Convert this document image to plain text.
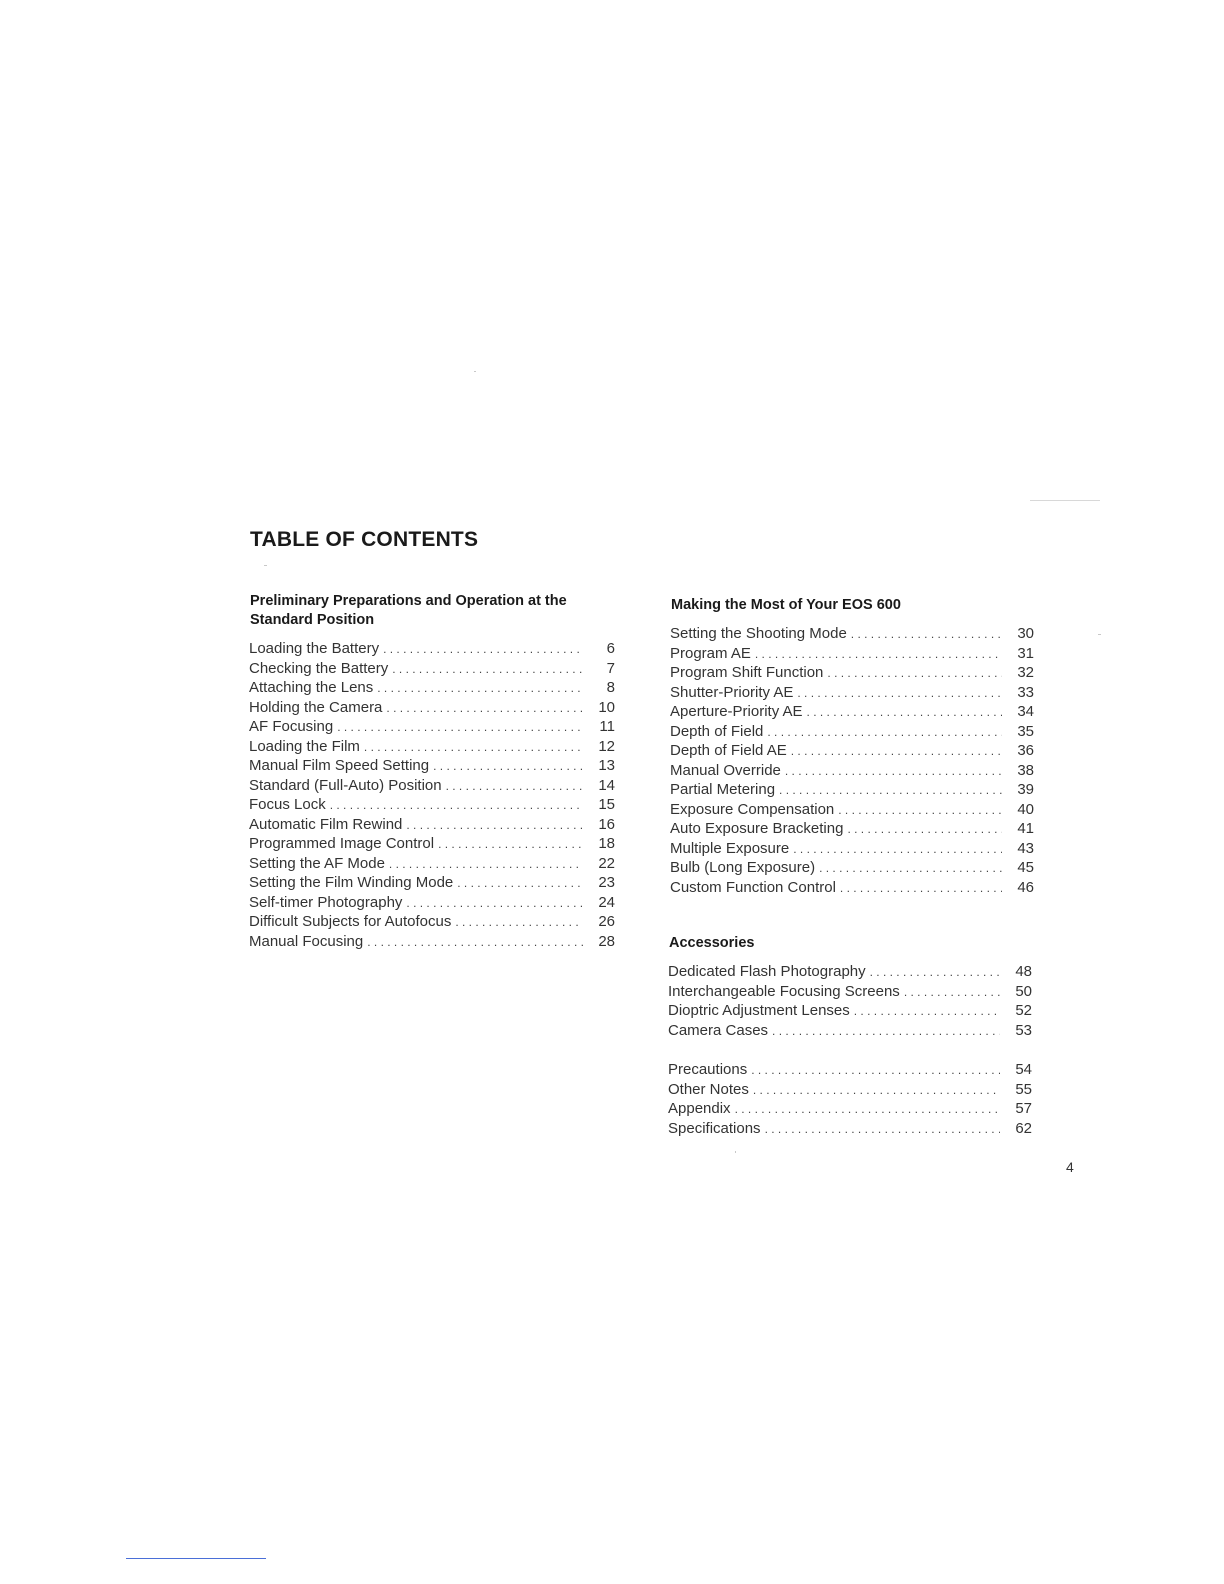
TABLE OF CONTENTS
Preliminary Preparations and Operation at the Standard Position
Loading the Battery . . .	6
Checking the Battery . . .	7
Attaching the Lens . . .	8
Holding the Camera . . .	10
AF Focusing . . .	11
Loading the Film . . .	12
Manual Film Speed Setting . . .	13
Standard (Full-Auto) Position . . .	14
Focus Lock . . .	15
Automatic Film Rewind . . .	16
Programmed Image Control . . .	18
Setting the AF Mode . . .	22
Setting the Film Winding Mode . . .	23
Self-timer Photography . . .	24
Difficult Subjects for Autofocus . . .	26
Manual Focusing . . .	28
Making the Most of Your EOS 600
Setting the Shooting Mode . . .	30
Program AE . . .	31
Program Shift Function . . .	32
Shutter-Priority AE . . .	33
Aperture-Priority AE . . .	34
Depth of Field . . .	35
Depth of Field AE . . .	36
Manual Override . . .	38
Partial Metering . . .	39
Exposure Compensation . . .	40
Auto Exposure Bracketing . . .	41
Multiple Exposure . . .	43
Bulb (Long Exposure) . . .	45
Custom Function Control . . .	46
Accessories
Dedicated Flash Photography . . .	48
Interchangeable Focusing Screens . . .	50
Dioptric Adjustment Lenses . . .	52
Camera Cases . . .	53
Precautions . . .	54
Other Notes . . .	55
Appendix . . .	57
Specifications . . .	62
4
